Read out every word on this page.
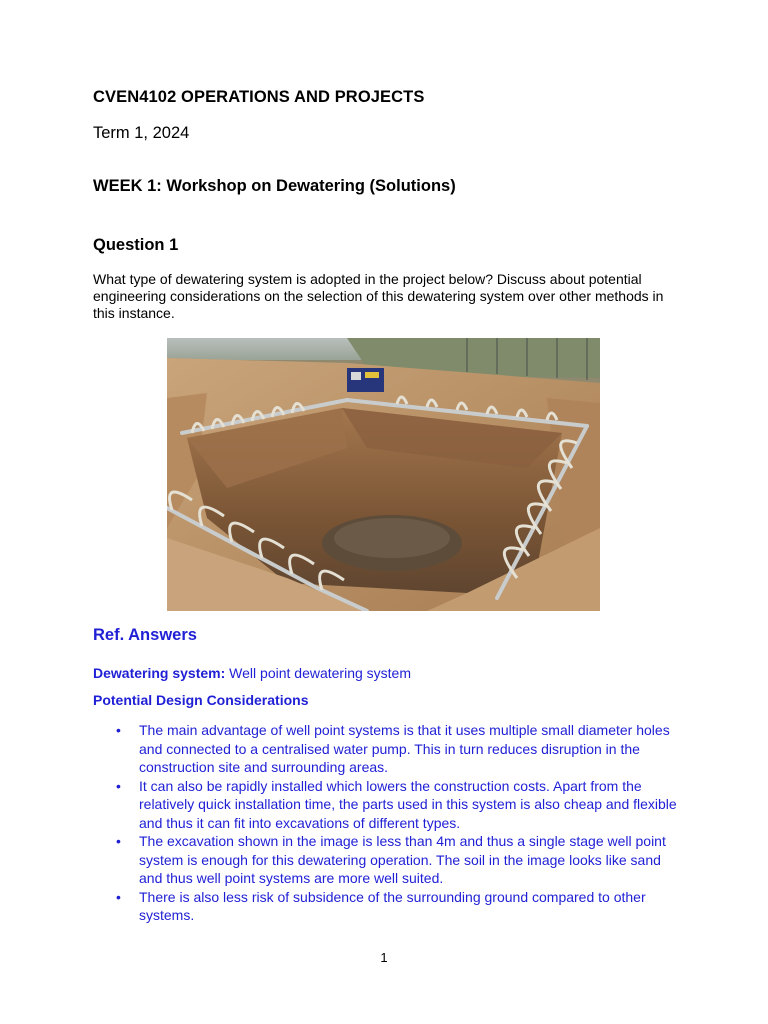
CVEN4102 OPERATIONS AND PROJECTS
Term 1, 2024
WEEK 1: Workshop on Dewatering (Solutions)
Question 1
What type of dewatering system is adopted in the project below? Discuss about potential engineering considerations on the selection of this dewatering system over other methods in this instance.
Ref. Answers
Dewatering system: Well point dewatering system
Potential Design Considerations
• The main advantage of well point systems is that it uses multiple small diameter holes and connected to a centralised water pump. This in turn reduces disruption in the construction site and surrounding areas.
• It can also be rapidly installed which lowers the construction costs. Apart from the relatively quick installation time, the parts used in this system is also cheap and flexible and thus it can fit into excavations of different types.
• The excavation shown in the image is less than 4m and thus a single stage well point system is enough for this dewatering operation. The soil in the image looks like sand and thus well point systems are more well suited.
• There is also less risk of subsidence of the surrounding ground compared to other systems.
1
